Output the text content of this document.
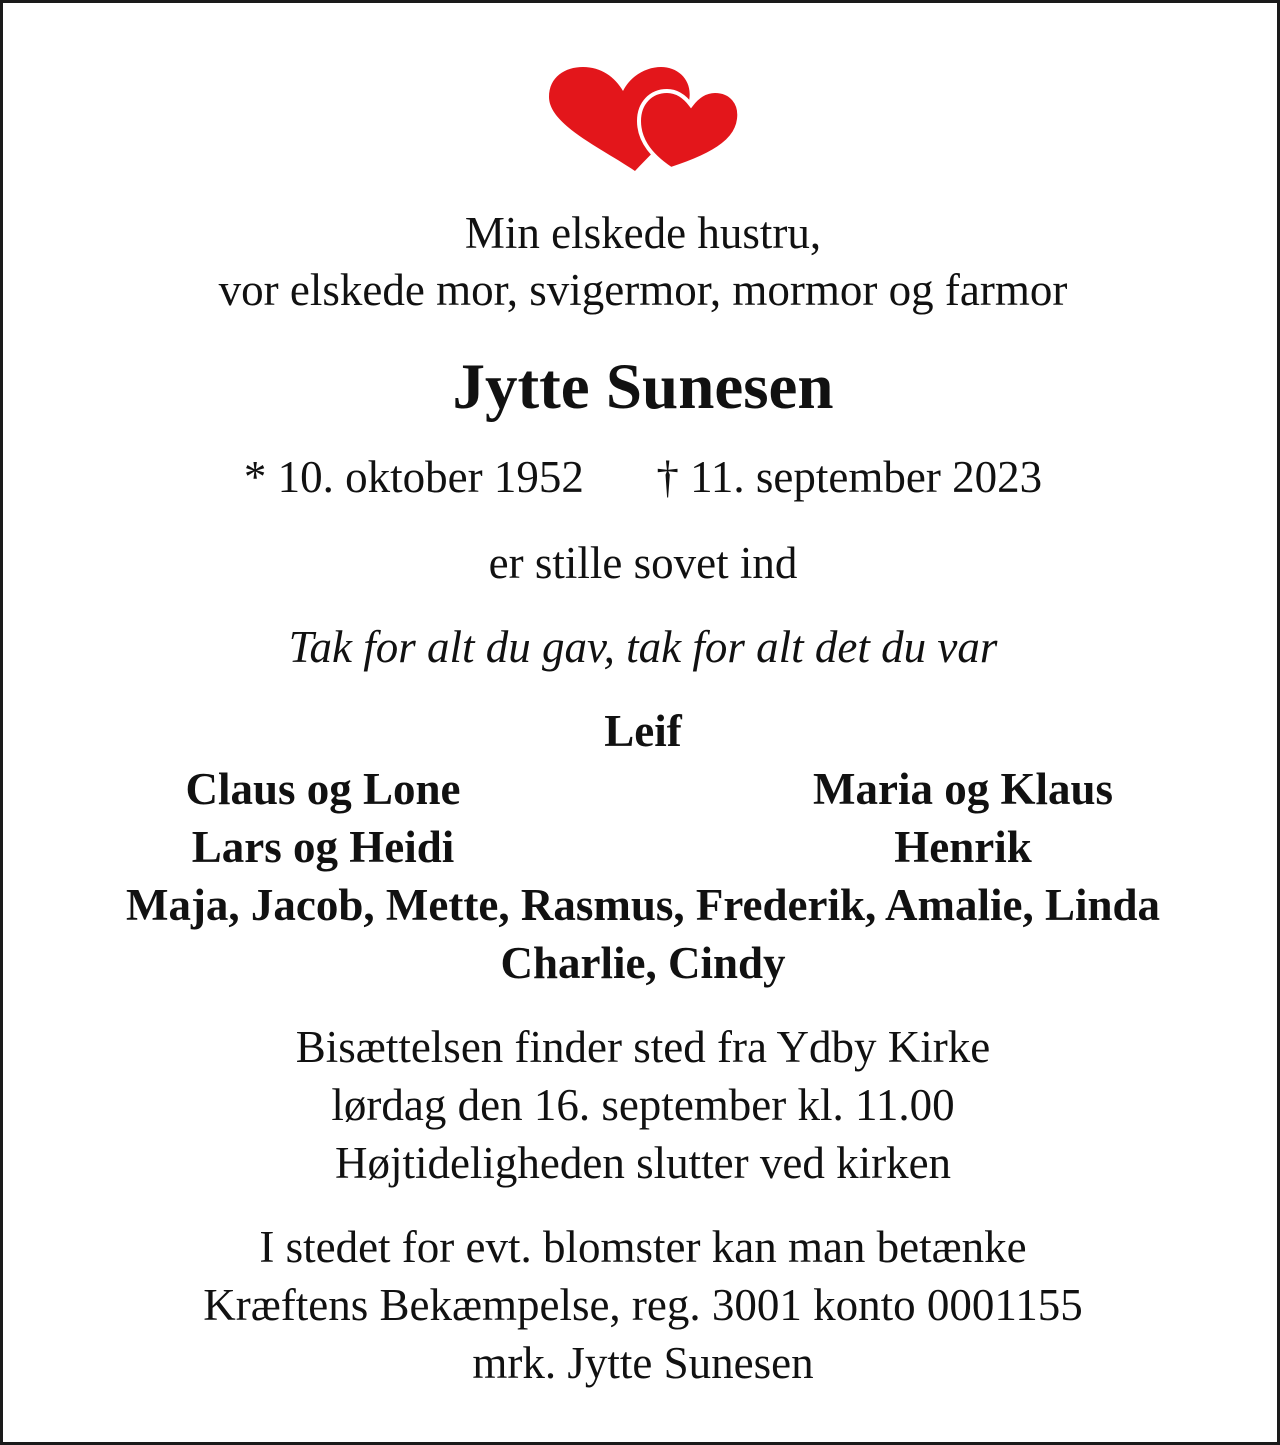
Min elskede hustru,
vor elskede mor, svigermor, mormor og farmor
Jytte Sunesen
* 10. oktober 1952 † 11. september 2023
er stille sovet ind
Tak for alt du gav, tak for alt det du var
Leif
Claus og Lone	Maria og Klaus
Lars og Heidi	Henrik
Maja, Jacob, Mette, Rasmus, Frederik, Amalie, Linda
Charlie, Cindy
Bisættelsen finder sted fra Ydby Kirke
lørdag den 16. september kl. 11.00
Højtideligheden slutter ved kirken
I stedet for evt. blomster kan man betænke
Kræftens Bekæmpelse, reg. 3001 konto 0001155
mrk. Jytte Sunesen
